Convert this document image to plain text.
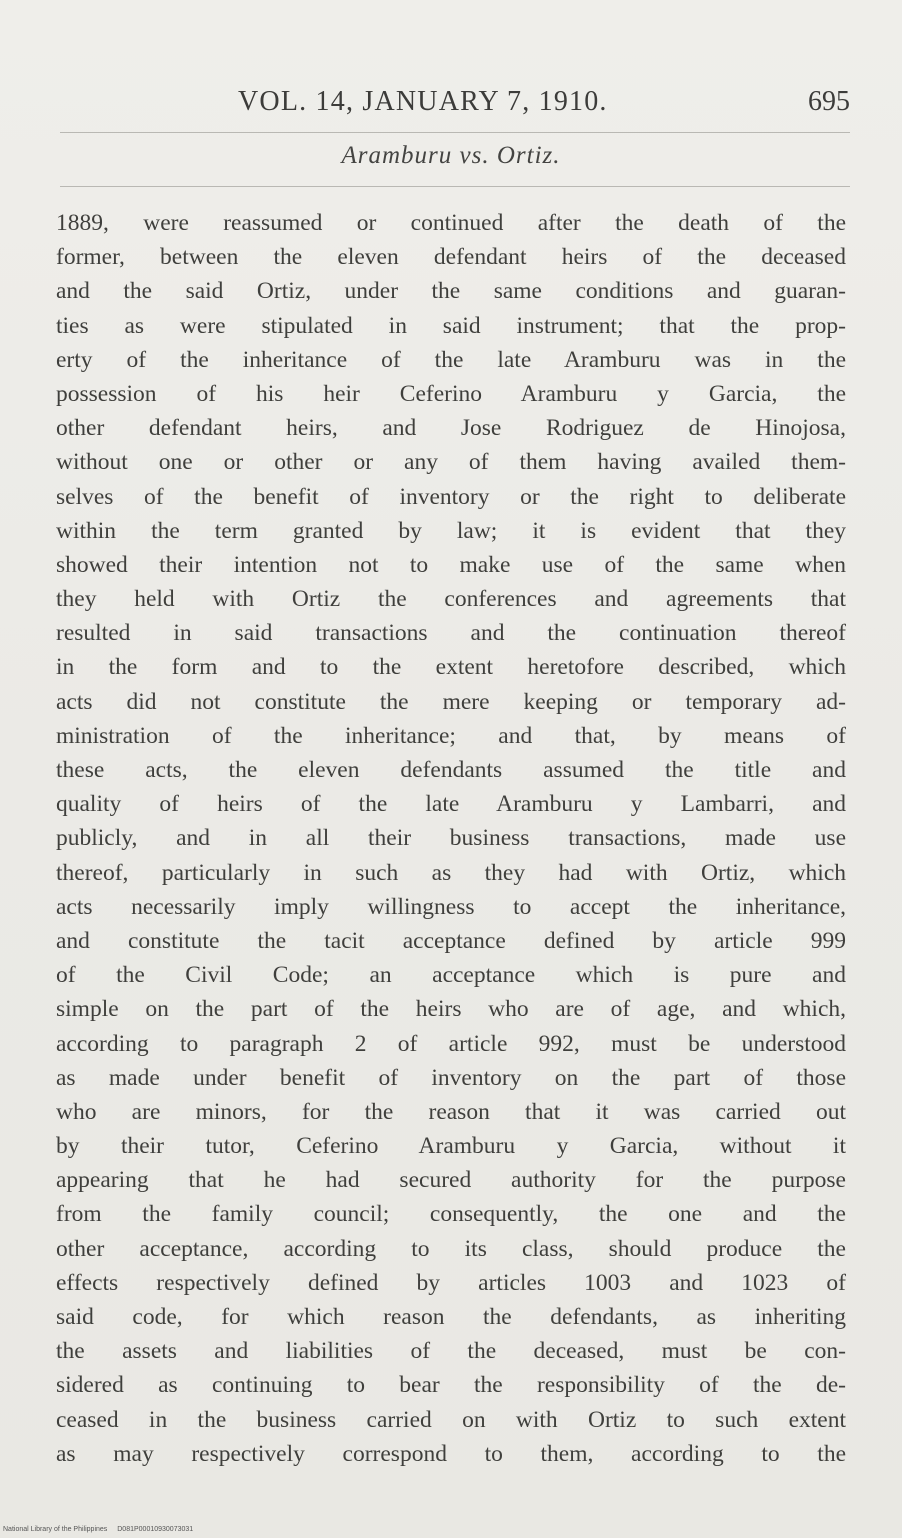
VOL. 14, JANUARY 7, 1910.	695
Aramburu vs. Ortiz.
1889, were reassumed or continued after the death of the
former, between the eleven defendant heirs of the deceased
and the said Ortiz, under the same conditions and guaran-
ties as were stipulated in said instrument; that the prop-
erty of the inheritance of the late Aramburu was in the
possession of his heir Ceferino Aramburu y Garcia, the
other defendant heirs, and Jose Rodriguez de Hinojosa,
without one or other or any of them having availed them-
selves of the benefit of inventory or the right to deliberate
within the term granted by law; it is evident that they
showed their intention not to make use of the same when
they held with Ortiz the conferences and agreements that
resulted in said transactions and the continuation thereof
in the form and to the extent heretofore described, which
acts did not constitute the mere keeping or temporary ad-
ministration of the inheritance; and that, by means of
these acts, the eleven defendants assumed the title and
quality of heirs of the late Aramburu y Lambarri, and
publicly, and in all their business transactions, made use
thereof, particularly in such as they had with Ortiz, which
acts necessarily imply willingness to accept the inheritance,
and constitute the tacit acceptance defined by article 999
of the Civil Code; an acceptance which is pure and
simple on the part of the heirs who are of age, and which,
according to paragraph 2 of article 992, must be understood
as made under benefit of inventory on the part of those
who are minors, for the reason that it was carried out
by their tutor, Ceferino Aramburu y Garcia, without it
appearing that he had secured authority for the purpose
from the family council; consequently, the one and the
other acceptance, according to its class, should produce the
effects respectively defined by articles 1003 and 1023 of
said code, for which reason the defendants, as inheriting
the assets and liabilities of the deceased, must be con-
sidered as continuing to bear the responsibility of the de-
ceased in the business carried on with Ortiz to such extent
as may respectively correspond to them, according to the
National Library of the Philippines D081P00010930073031
